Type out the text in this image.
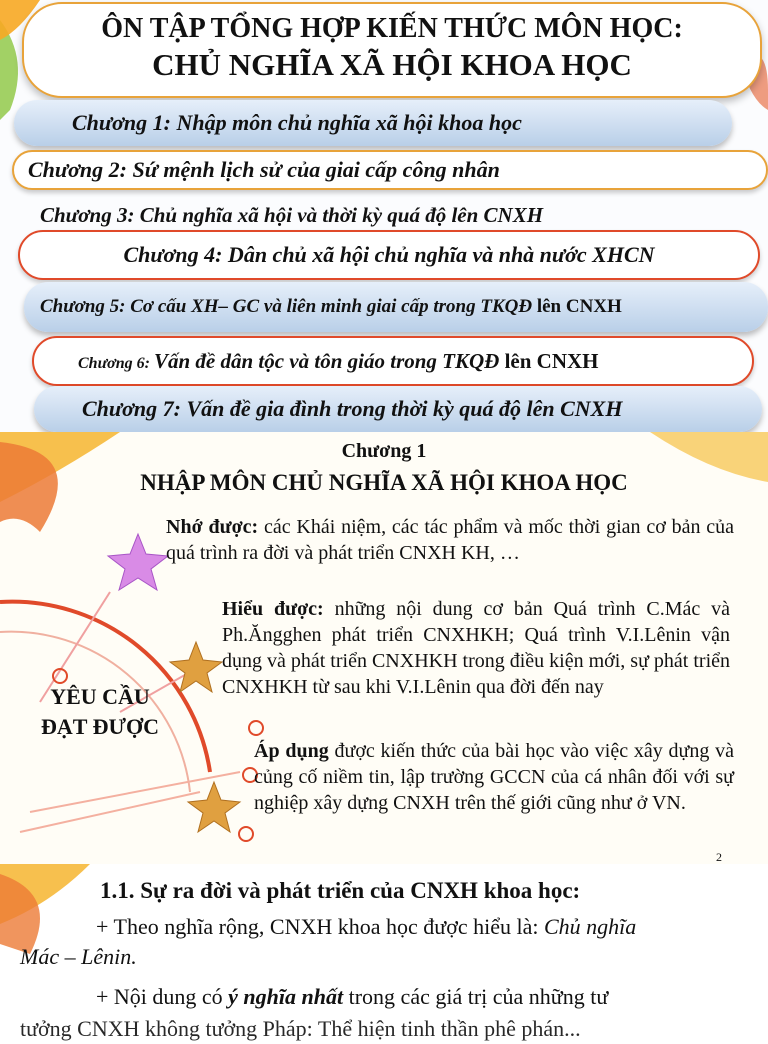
ÔN TẬP TỔNG HỢP KIẾN THỨC MÔN HỌC:
CHỦ NGHĨA XÃ HỘI KHOA HỌC
Chương 1: Nhập môn chủ nghĩa xã hội khoa học
Chương 2: Sứ mệnh lịch sử của giai cấp công nhân
Chương 3: Chủ nghĩa xã hội và thời kỳ quá độ lên CNXH
Chương 4: Dân chủ xã hội chủ nghĩa và nhà nước XHCN
Chương 5: Cơ cấu XH– GC và liên minh giai cấp trong TKQĐ lên CNXH
Chương 6: Vấn đề dân tộc và tôn giáo trong TKQĐ lên CNXH
Chương 7: Vấn đề gia đình trong thời kỳ quá độ lên CNXH
Chương 1
NHẬP MÔN CHỦ NGHĨA XÃ HỘI KHOA HỌC
Nhớ được: các Khái niệm, các tác phẩm và mốc thời gian cơ bản của quá trình ra đời và phát triển CNXH KH, …
Hiểu được: những nội dung cơ bản Quá trình C.Mác và Ph.Ăngghen phát triển CNXHKH; Quá trình V.I.Lênin vận dụng và phát triển CNXHKH trong điều kiện mới, sự phát triển CNXHKH từ sau khi V.I.Lênin qua đời đến nay
YÊU CẦU
ĐẠT ĐƯỢC
Áp dụng được kiến thức của bài học vào việc xây dựng và củng cố niềm tin, lập trường GCCN của cá nhân đối với sự nghiệp xây dựng CNXH trên thế giới cũng như ở VN.
2
1.1. Sự ra đời và phát triển của CNXH khoa học:
+ Theo nghĩa rộng, CNXH khoa học được hiểu là: Chủ nghĩa
Mác – Lênin.
+ Nội dung có ý nghĩa nhất trong các giá trị của những tư
tưởng CNXH không tưởng Pháp: Thể hiện tinh thần phê phán...
